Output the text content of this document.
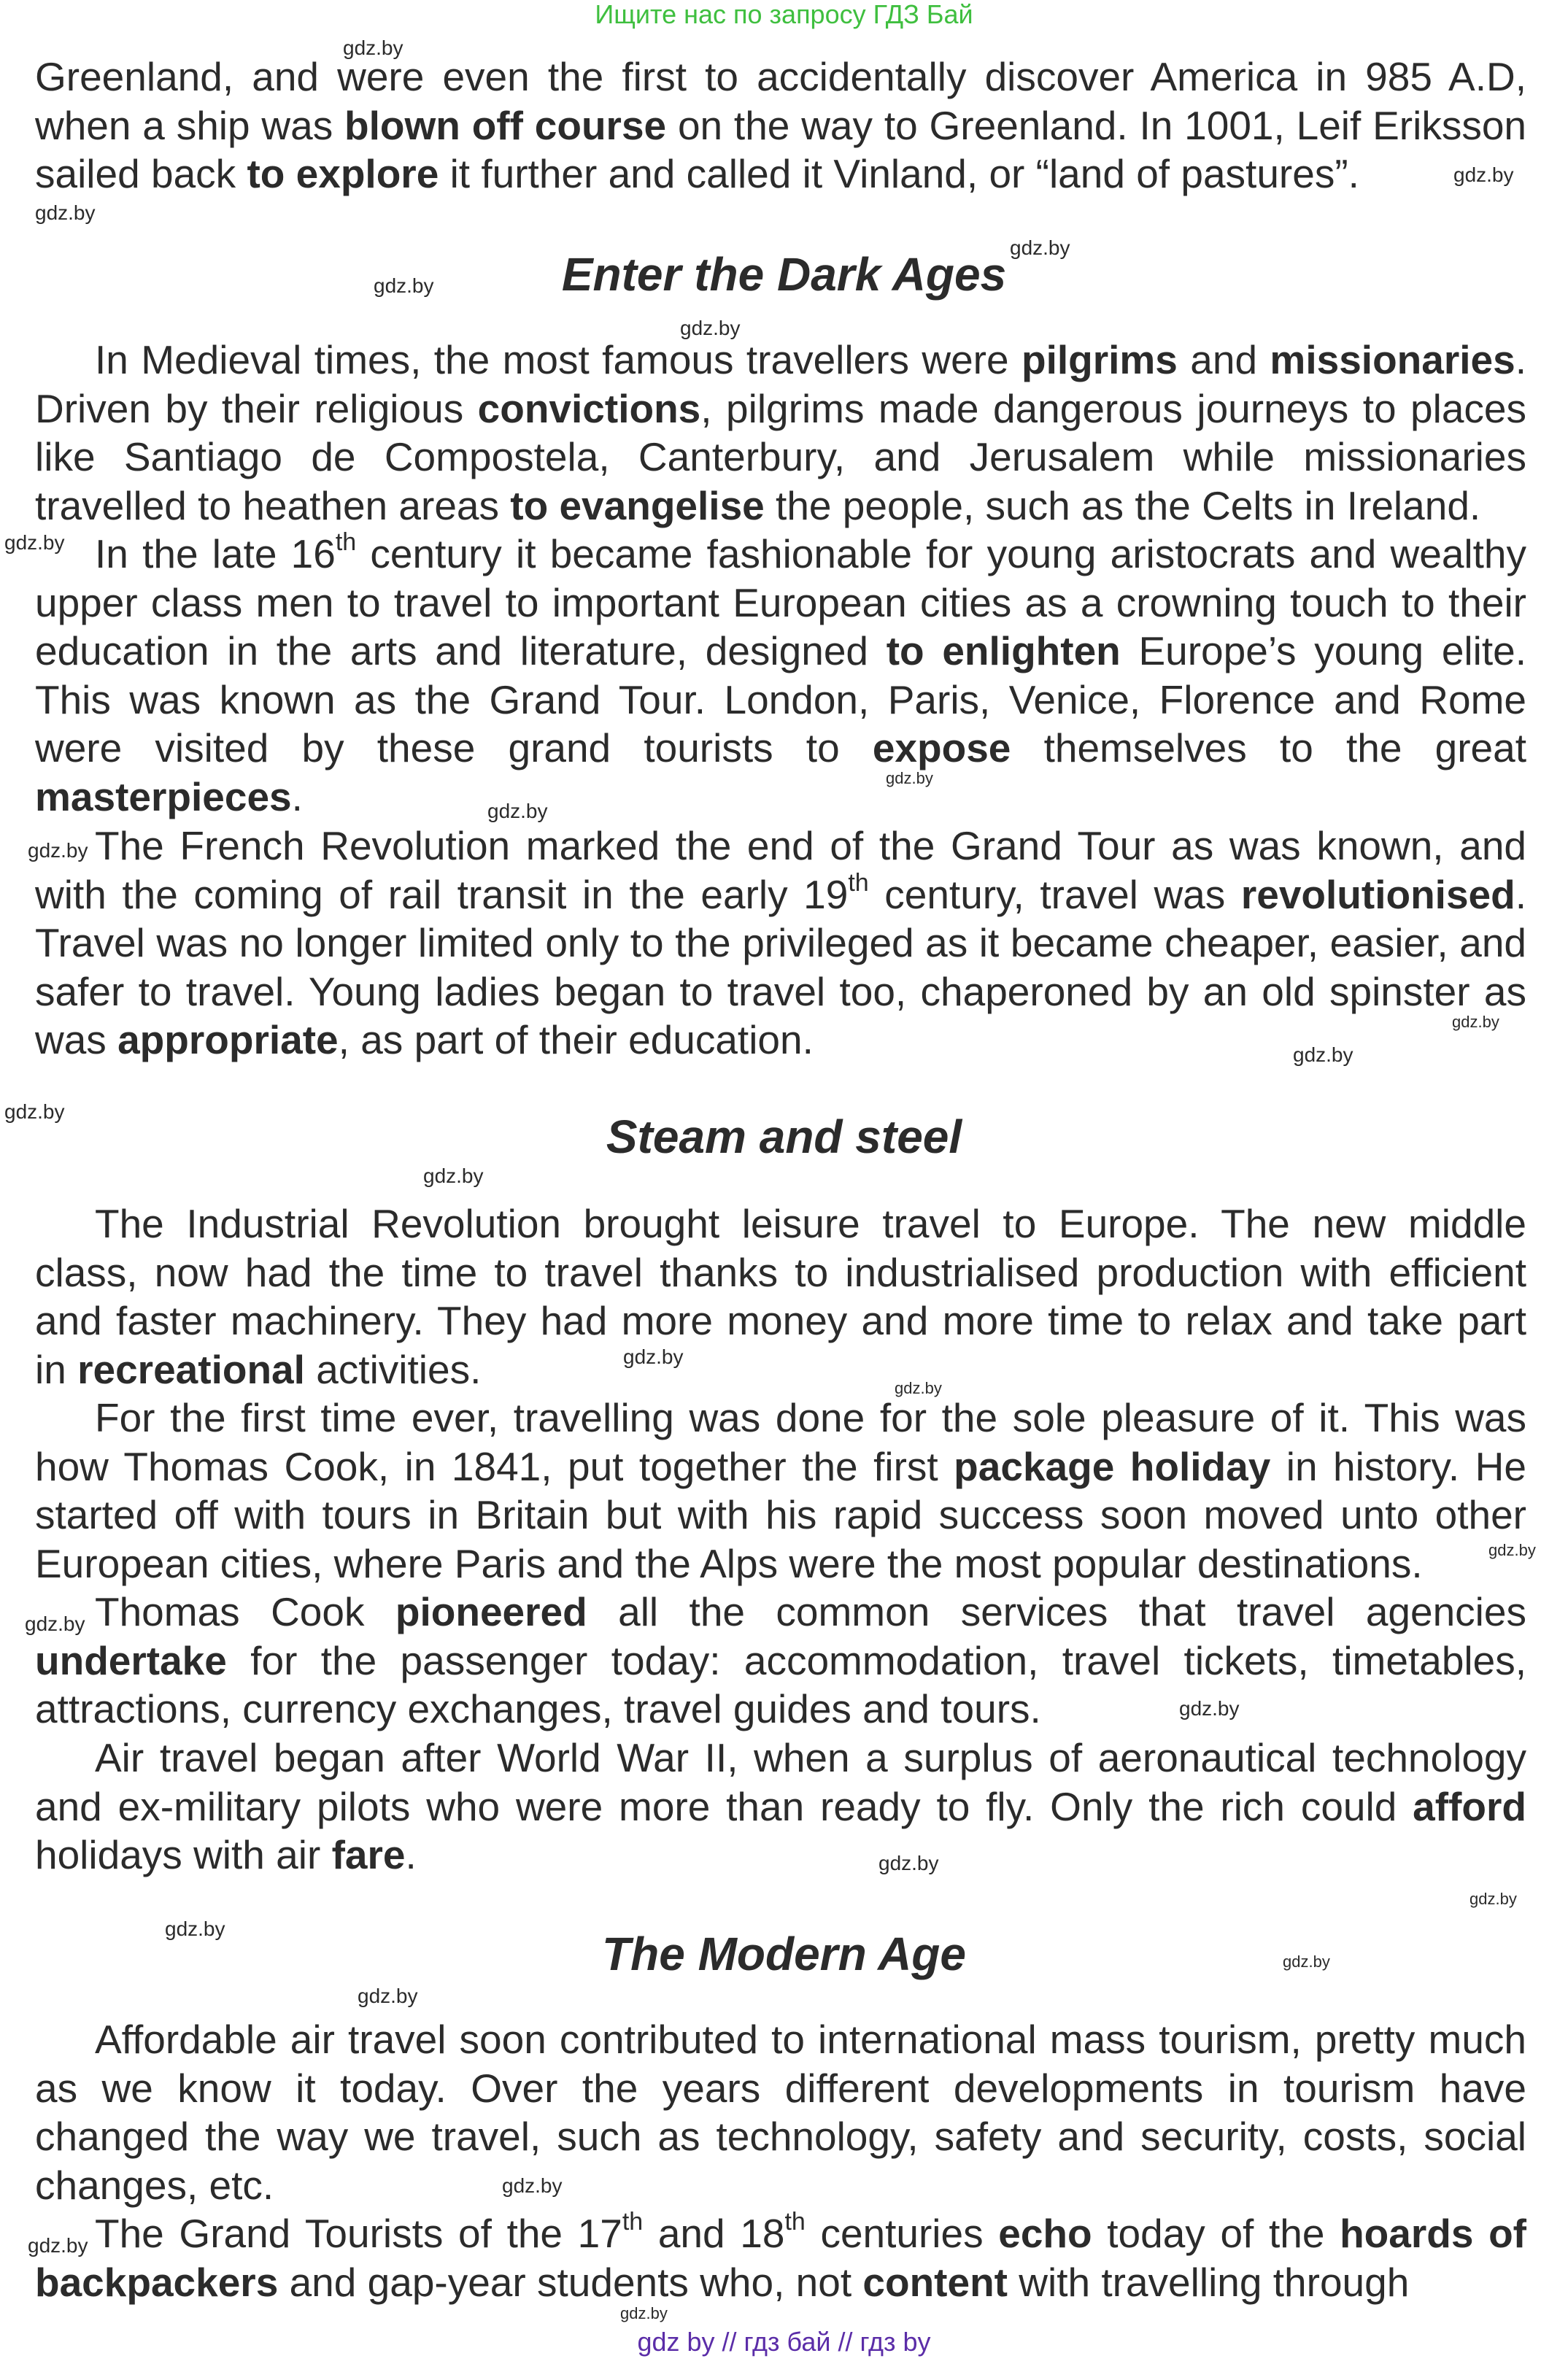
Ищите нас по запросу ГДЗ Бай

Greenland, and were even the first to accidentally discover America in 985 A.D, when a ship was blown off course on the way to Greenland. In 1001, Leif Eriksson sailed back to explore it further and called it Vinland, or “land of pastures”.

Enter the Dark Ages

In Medieval times, the most famous travellers were pilgrims and missionaries. Driven by their religious convictions, pilgrims made dangerous journeys to places like Santiago de Compostela, Canterbury, and Jerusalem while missionaries travelled to heathen areas to evangelise the people, such as the Celts in Ireland.

In the late 16th century it became fashionable for young aristocrats and wealthy upper class men to travel to important European cities as a crowning touch to their education in the arts and literature, designed to enlighten Europe’s young elite. This was known as the Grand Tour. London, Paris, Venice, Florence and Rome were visited by these grand tourists to expose themselves to the great masterpieces.

The French Revolution marked the end of the Grand Tour as was known, and with the coming of rail transit in the early 19th century, travel was revolutionised. Travel was no longer limited only to the privileged as it became cheaper, easier, and safer to travel. Young ladies began to travel too, chaperoned by an old spinster as was appropriate, as part of their education.

Steam and steel

The Industrial Revolution brought leisure travel to Europe. The new middle class, now had the time to travel thanks to industrialised production with efficient and faster machinery. They had more money and more time to relax and take part in recreational activities.

For the first time ever, travelling was done for the sole pleasure of it. This was how Thomas Cook, in 1841, put together the first package holiday in history. He started off with tours in Britain but with his rapid success soon moved unto other European cities, where Paris and the Alps were the most popular destinations.

Thomas Cook pioneered all the common services that travel agencies undertake for the passenger today: accommodation, travel tickets, timetables, attractions, currency exchanges, travel guides and tours.

Air travel began after World War II, when a surplus of aeronautical technology and ex-military pilots who were more than ready to fly. Only the rich could afford holidays with air fare.

The Modern Age

Affordable air travel soon contributed to international mass tourism, pretty much as we know it today. Over the years different developments in tourism have changed the way we travel, such as technology, safety and security, costs, social changes, etc.

The Grand Tourists of the 17th and 18th centuries echo today of the hoards of backpackers and gap-year students who, not content with travelling through

gdz.by
gdz.by
gdz.by
gdz.by
gdz.by
gdz.by
gdz.by
gdz.by
gdz.by
gdz.by
gdz.by
gdz.by
gdz.by
gdz.by
gdz.by
gdz.by
gdz.by
gdz.by
gdz.by
gdz.by
gdz.by
gdz.by
gdz.by
gdz.by
gdz.by
gdz.by
gdz.by
gdz by // гдз бай // гдз by
